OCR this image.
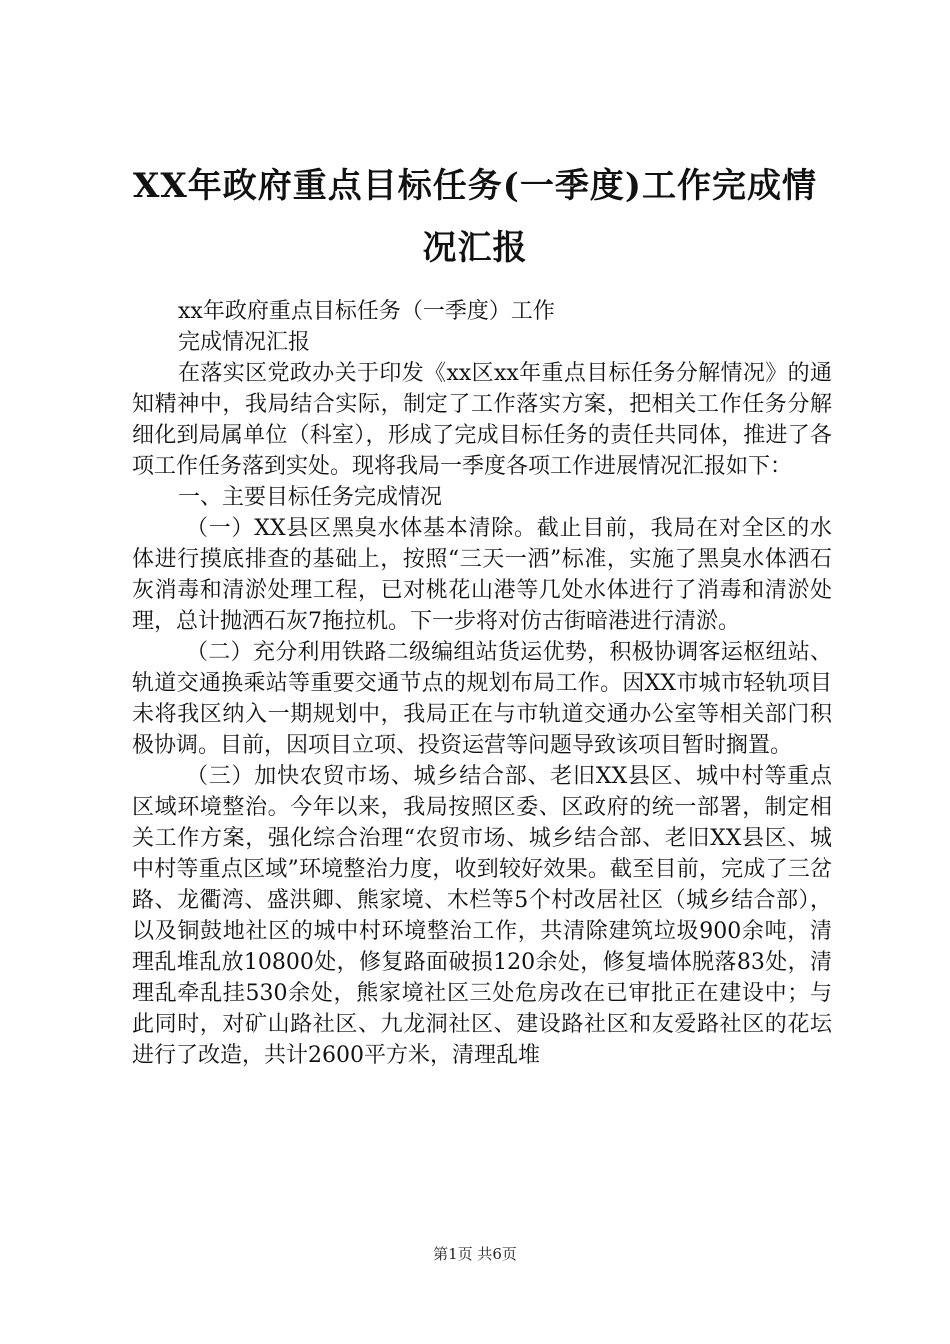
XX年政府重点目标任务(一季度)工作完成情
况汇报

xx年政府重点目标任务（一季度）工作

完成情况汇报

在落实区党政办关于印发《xx区xx年重点目标任务分解情况》的通知精神中，我局结合实际，制定了工作落实方案，把相关工作任务分解细化到局属单位（科室），形成了完成目标任务的责任共同体，推进了各项工作任务落到实处。现将我局一季度各项工作进展情况汇报如下：

一、主要目标任务完成情况

（一）XX县区黑臭水体基本清除。截止目前，我局在对全区的水体进行摸底排查的基础上，按照“三天一洒”标准，实施了黑臭水体洒石灰消毒和清淤处理工程，已对桃花山港等几处水体进行了消毒和清淤处理，总计抛洒石灰7拖拉机。下一步将对仿古街暗港进行清淤。

（二）充分利用铁路二级编组站货运优势，积极协调客运枢纽站、轨道交通换乘站等重要交通节点的规划布局工作。因XX市城市轻轨项目未将我区纳入一期规划中，我局正在与市轨道交通办公室等相关部门积极协调。目前，因项目立项、投资运营等问题导致该项目暂时搁置。

（三）加快农贸市场、城乡结合部、老旧XX县区、城中村等重点区域环境整治。今年以来，我局按照区委、区政府的统一部署，制定相关工作方案，强化综合治理“农贸市场、城乡结合部、老旧XX县区、城中村等重点区域”环境整治力度，收到较好效果。截至目前，完成了三岔路、龙衢湾、盛洪卿、熊家境、木栏等5个村改居社区（城乡结合部），以及铜鼓地社区的城中村环境整治工作，共清除建筑垃圾900余吨，清理乱堆乱放10800处，修复路面破损120余处，修复墙体脱落83处，清理乱牵乱挂530余处，熊家境社区三处危房改在已审批正在建设中；与此同时，对矿山路社区、九龙洞社区、建设路社区和友爱路社区的花坛进行了改造，共计2600平方米，清理乱堆

第1页 共6页
